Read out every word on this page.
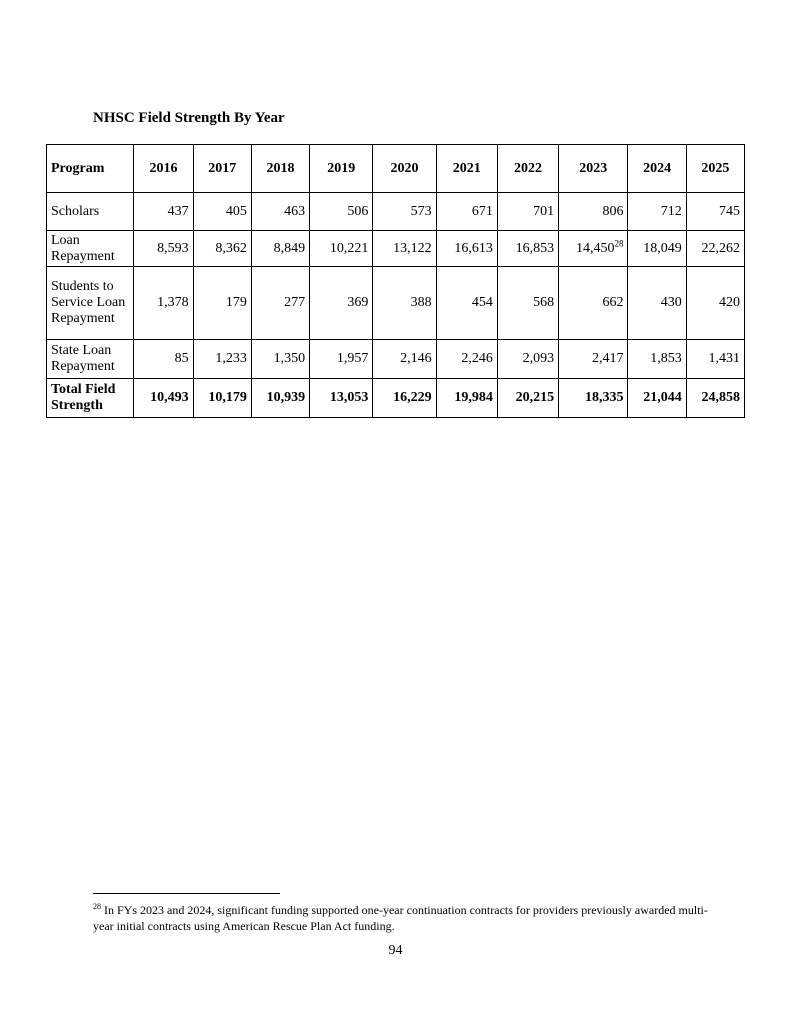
NHSC Field Strength By Year
Program	2016	2017	2018	2019	2020	2021	2022	2023	2024	2025
Scholars	437	405	463	506	573	671	701	806	712	745
Loan Repayment	8,593	8,362	8,849	10,221	13,122	16,613	16,853	14,450$^{28}$	18,049	22,262
Students to Service Loan Repayment	1,378	179	277	369	388	454	568	662	430	420
State Loan Repayment	85	1,233	1,350	1,957	2,146	2,246	2,093	2,417	1,853	1,431
Total Field Strength	10,493	10,179	10,939	13,053	16,229	19,984	20,215	18,335	21,044	24,858

$^{28}$ In FYs 2023 and 2024, significant funding supported one-year continuation contracts for providers previously awarded multi-year initial contracts using American Rescue Plan Act funding.

94
